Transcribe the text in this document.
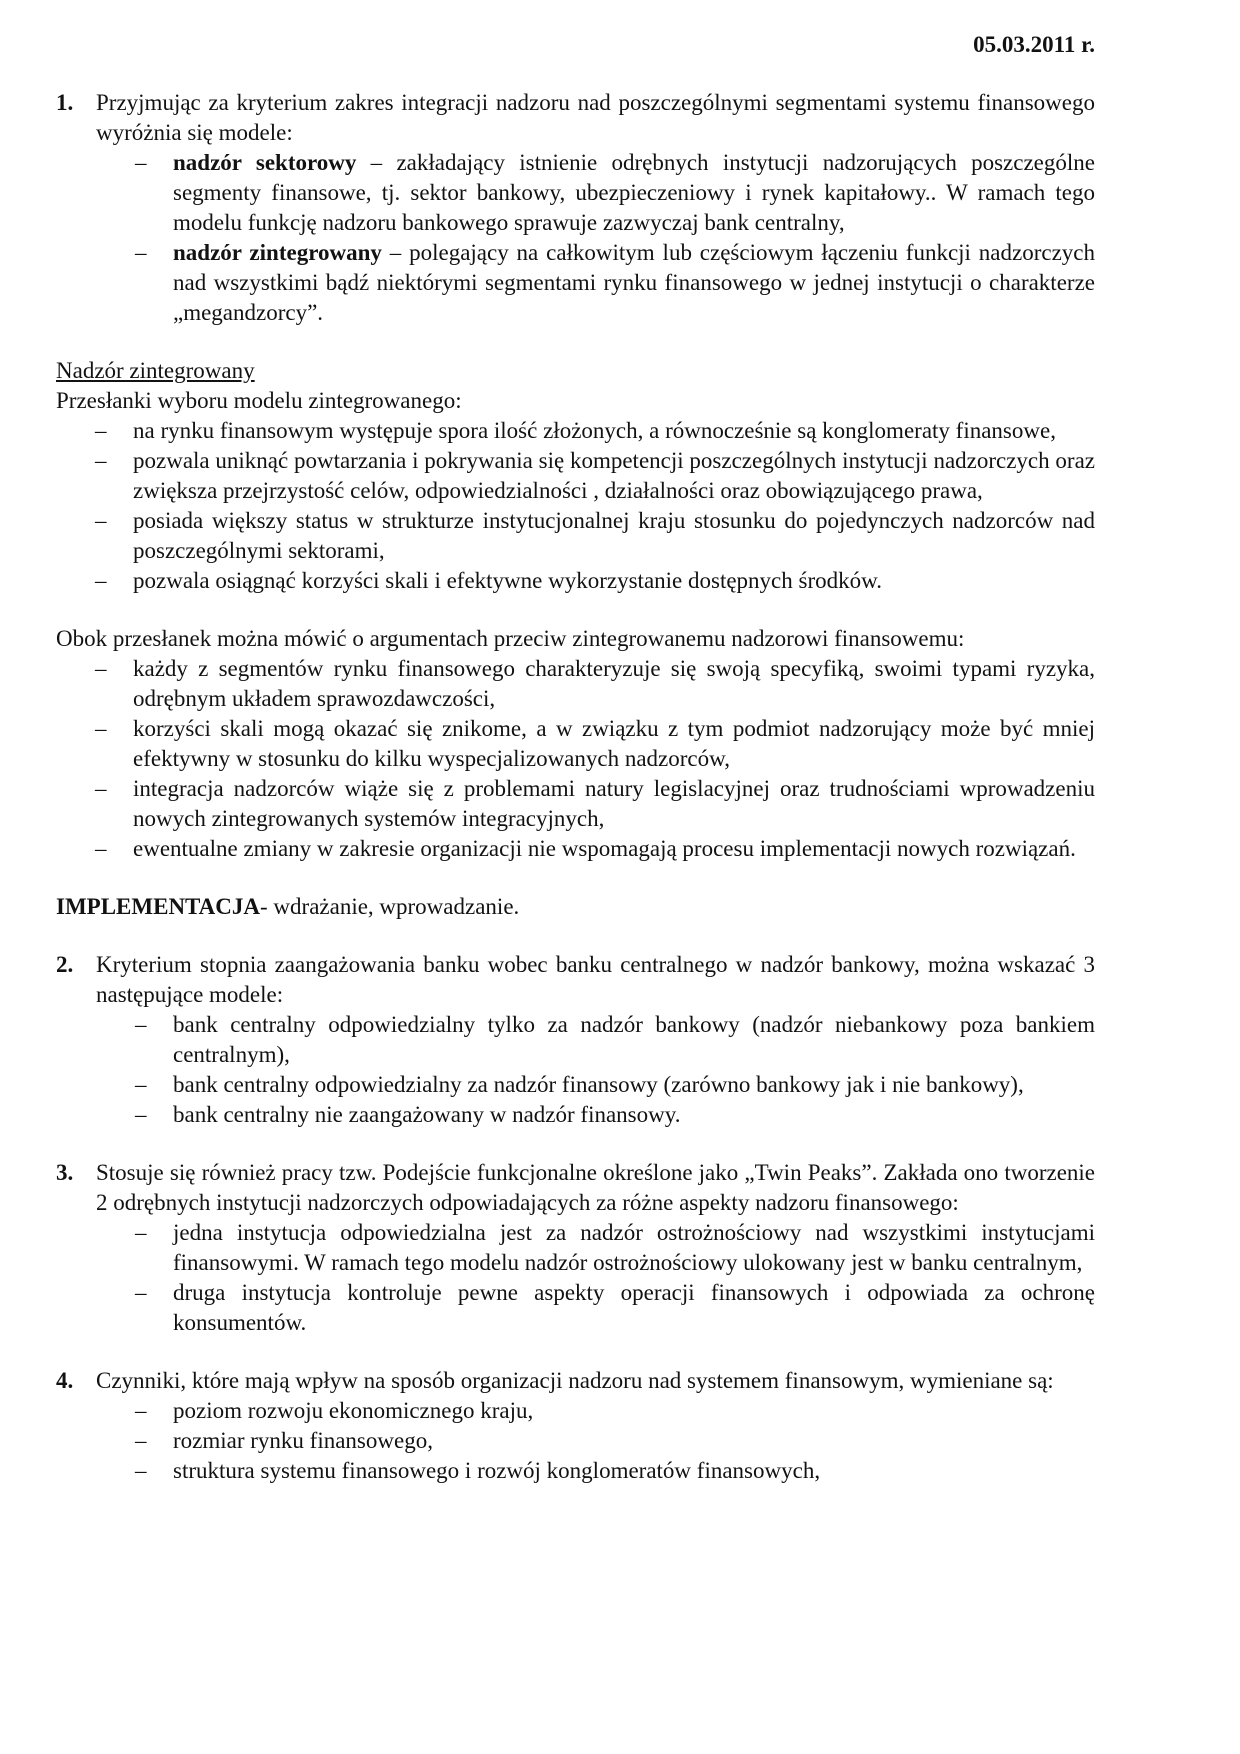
05.03.2011 r.
1. Przyjmując za kryterium zakres integracji nadzoru nad poszczególnymi segmentami systemu finansowego wyróżnia się modele:
– nadzór sektorowy – zakładający istnienie odrębnych instytucji nadzorujących poszczególne segmenty finansowe, tj. sektor bankowy, ubezpieczeniowy i rynek kapitałowy.. W ramach tego modelu funkcję nadzoru bankowego sprawuje zazwyczaj bank centralny,
– nadzór zintegrowany – polegający na całkowitym lub częściowym łączeniu funkcji nadzorczych nad wszystkimi bądź niektórymi segmentami rynku finansowego w jednej instytucji o charakterze „megandzorcy”.
Nadzór zintegrowany
Przesłanki wyboru modelu zintegrowanego:
– na rynku finansowym występuje spora ilość złożonych, a równocześnie są konglomeraty finansowe,
– pozwala uniknąć powtarzania i pokrywania się kompetencji poszczególnych instytucji nadzorczych oraz zwiększa przejrzystość celów, odpowiedzialności , działalności oraz obowiązującego prawa,
– posiada większy status w strukturze instytucjonalnej kraju stosunku do pojedynczych nadzorców nad poszczególnymi sektorami,
– pozwala osiągnąć korzyści skali i efektywne wykorzystanie dostępnych środków.
Obok przesłanek można mówić o argumentach przeciw zintegrowanemu nadzorowi finansowemu:
– każdy z segmentów rynku finansowego charakteryzuje się swoją specyfiką, swoimi typami ryzyka, odrębnym układem sprawozdawczości,
– korzyści skali mogą okazać się znikome, a w związku z tym podmiot nadzorujący może być mniej efektywny w stosunku do kilku wyspecjalizowanych nadzorców,
– integracja nadzorców wiąże się z problemami natury legislacyjnej oraz trudnościami wprowadzeniu nowych zintegrowanych systemów integracyjnych,
– ewentualne zmiany w zakresie organizacji nie wspomagają procesu implementacji nowych rozwiązań.
IMPLEMENTACJA- wdrażanie, wprowadzanie.
2. Kryterium stopnia zaangażowania banku wobec banku centralnego w nadzór bankowy, można wskazać 3 następujące modele:
– bank centralny odpowiedzialny tylko za nadzór bankowy (nadzór niebankowy poza bankiem centralnym),
– bank centralny odpowiedzialny za nadzór finansowy (zarówno bankowy jak i nie bankowy),
– bank centralny nie zaangażowany w nadzór finansowy.
3. Stosuje się również pracy tzw. Podejście funkcjonalne określone jako „Twin Peaks”. Zakłada ono tworzenie 2 odrębnych instytucji nadzorczych odpowiadających za różne aspekty nadzoru finansowego:
– jedna instytucja odpowiedzialna jest za nadzór ostrożnościowy nad wszystkimi instytucjami finansowymi. W ramach tego modelu nadzór ostrożnościowy ulokowany jest w banku centralnym,
– druga instytucja kontroluje pewne aspekty operacji finansowych i odpowiada za ochronę konsumentów.
4. Czynniki, które mają wpływ na sposób organizacji nadzoru nad systemem finansowym, wymieniane są:
– poziom rozwoju ekonomicznego kraju,
– rozmiar rynku finansowego,
– struktura systemu finansowego i rozwój konglomeratów finansowych,
